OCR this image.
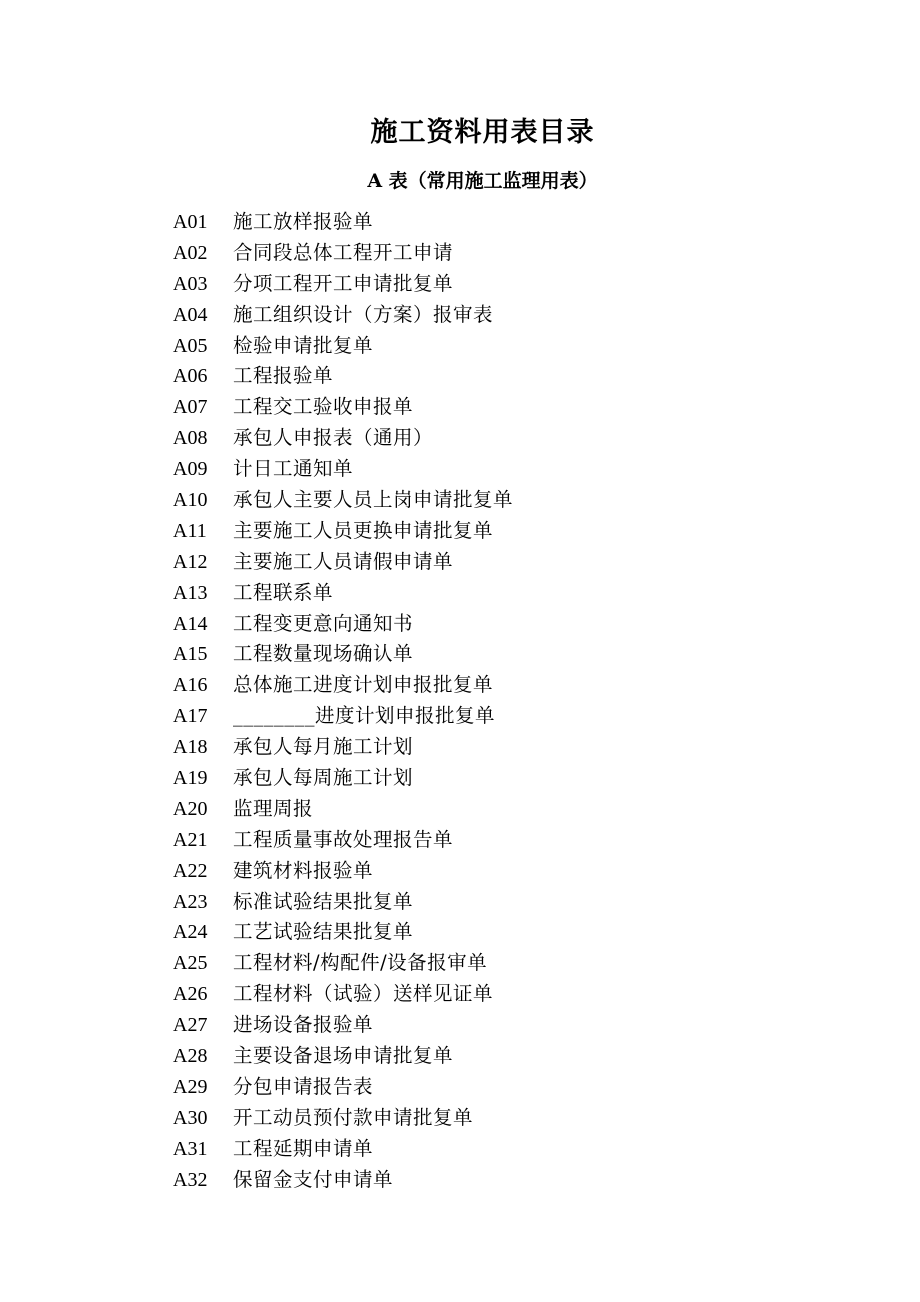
施工资料用表目录
A 表（常用施工监理用表）
A01	施工放样报验单
A02	合同段总体工程开工申请
A03	分项工程开工申请批复单
A04	施工组织设计（方案）报审表
A05	检验申请批复单
A06	工程报验单
A07	工程交工验收申报单
A08	承包人申报表（通用）
A09	计日工通知单
A10	承包人主要人员上岗申请批复单
A11	主要施工人员更换申请批复单
A12	主要施工人员请假申请单
A13	工程联系单
A14	工程变更意向通知书
A15	工程数量现场确认单
A16	总体施工进度计划申报批复单
A17	________进度计划申报批复单
A18	承包人每月施工计划
A19	承包人每周施工计划
A20	监理周报
A21	工程质量事故处理报告单
A22	建筑材料报验单
A23	标准试验结果批复单
A24	工艺试验结果批复单
A25	工程材料/构配件/设备报审单
A26	工程材料（试验）送样见证单
A27	进场设备报验单
A28	主要设备退场申请批复单
A29	分包申请报告表
A30	开工动员预付款申请批复单
A31	工程延期申请单
A32	保留金支付申请单
